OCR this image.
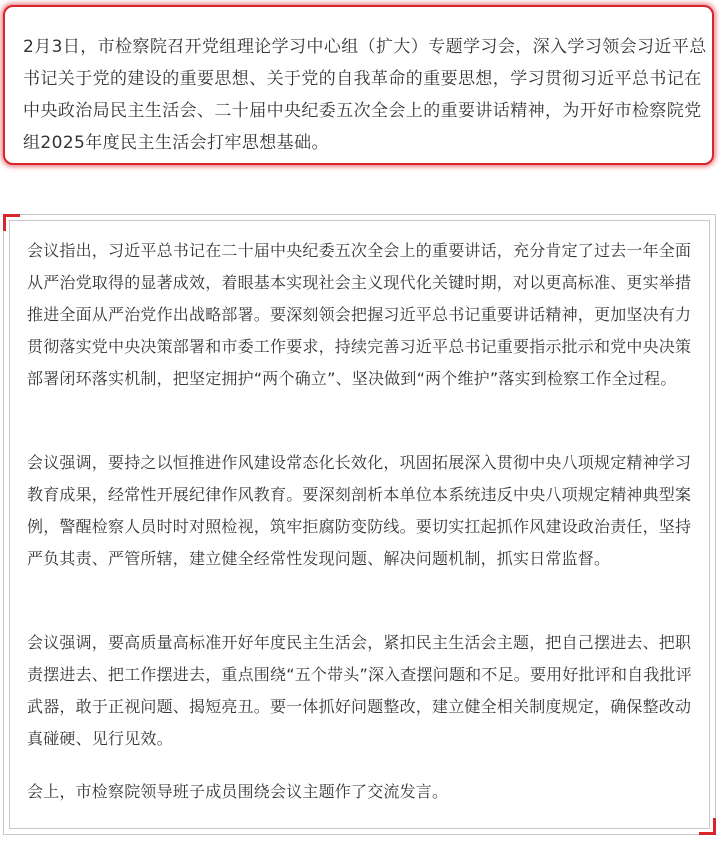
2月3日，市检察院召开党组理论学习中心组（扩大）专题学习会，深入学习领会习近平总书记关于党的建设的重要思想、关于党的自我革命的重要思想，学习贯彻习近平总书记在中央政治局民主生活会、二十届中央纪委五次全会上的重要讲话精神，为开好市检察院党组2025年度民主生活会打牢思想基础。

会议指出，习近平总书记在二十届中央纪委五次全会上的重要讲话，充分肯定了过去一年全面从严治党取得的显著成效，着眼基本实现社会主义现代化关键时期，对以更高标准、更实举措推进全面从严治党作出战略部署。要深刻领会把握习近平总书记重要讲话精神，更加坚决有力贯彻落实党中央决策部署和市委工作要求，持续完善习近平总书记重要指示批示和党中央决策部署闭环落实机制，把坚定拥护“两个确立”、坚决做到“两个维护”落实到检察工作全过程。

会议强调，要持之以恒推进作风建设常态化长效化，巩固拓展深入贯彻中央八项规定精神学习教育成果，经常性开展纪律作风教育。要深刻剖析本单位本系统违反中央八项规定精神典型案例，警醒检察人员时时对照检视，筑牢拒腐防变防线。要切实扛起抓作风建设政治责任，坚持严负其责、严管所辖，建立健全经常性发现问题、解决问题机制，抓实日常监督。

会议强调，要高质量高标准开好年度民主生活会，紧扣民主生活会主题，把自己摆进去、把职责摆进去、把工作摆进去，重点围绕“五个带头”深入查摆问题和不足。要用好批评和自我批评武器，敢于正视问题、揭短亮丑。要一体抓好问题整改，建立健全相关制度规定，确保整改动真碰硬、见行见效。

会上，市检察院领导班子成员围绕会议主题作了交流发言。
